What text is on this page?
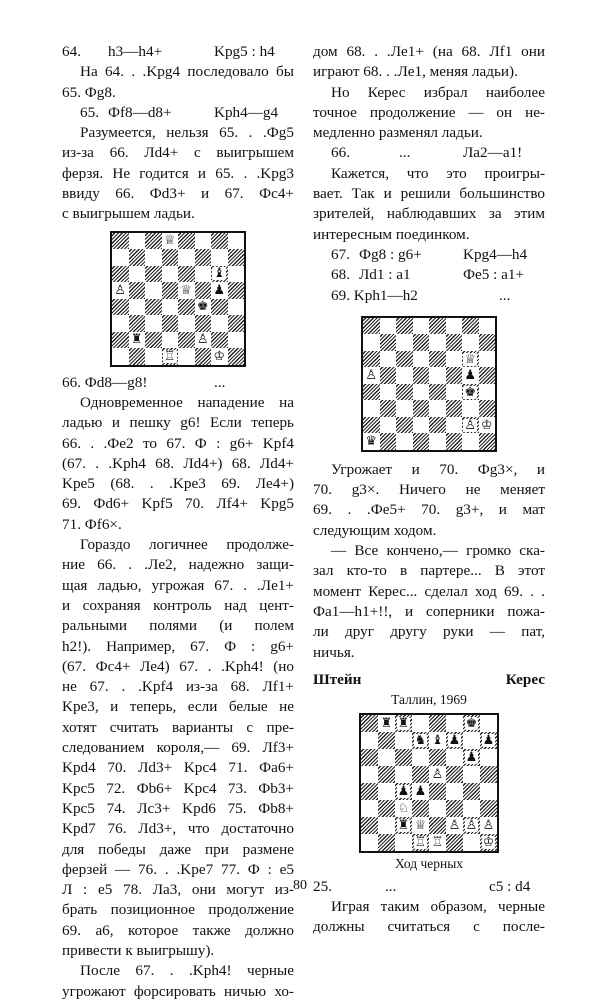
64. h3—h4+	Kpg5 : h4
На 64. . .Kpg4 последовало бы
65. Фg8.
65. Фf8—d8+	Kph4—g4
Разумеется, нельзя 65. . .Фg5
из-за 66. Лd4+ с выигрышем
ферзя. Не годится и 65. . .Kpg3
ввиду 66. Фd3+ и 67. Фc4+
с выигрышем ладьи.
♕
♝
♙	♕ ♟
♚
♜	♙
♖	♔
66. Фd8—g8!	...
Одновременное нападение на
ладью и пешку g6! Если теперь
66. . .Фe2 то 67. Ф : g6+ Kpf4
(67. . .Kph4 68. Лd4+) 68. Лd4+
Kpe5 (68. . .Kpe3 69. Лe4+)
69. Фd6+ Kpf5 70. Лf4+ Kpg5
71. Фf6×.
Гораздо логичнее продолже-
ние 66. . .Лe2, надежно защи-
щая ладью, угрожая 67. . .Лe1+
и сохраняя контроль над цент-
ральными полями (и полем
h2!). Например, 67. Ф : g6+
(67. Фc4+ Лe4) 67. . .Kph4! (но
не 67. . .Kpf4 из-за 68. Лf1+
Kpe3, и теперь, если белые не
хотят считать варианты с пре-
следованием короля,— 69. Лf3+
Kpd4 70. Лd3+ Kpc4 71. Фa6+
Kpc5 72. Фb6+ Kpc4 73. Фb3+
Kpc5 74. Лc3+ Kpd6 75. Фb8+
Kpd7 76. Лd3+, что достаточно
для победы даже при размене
ферзей — 76. . .Kpe7 77. Ф : e5
Л : e5 78. Лa3, они могут из-
брать позиционное продолжение
69. a6, которое также должно
привести к выигрышу).
После 67. . .Kph4! черные
угрожают форсировать ничью хо-
дом 68. . .Лe1+ (на 68. Лf1 они
играют 68. . .Лe1, меняя ладьи).
Но Керес избрал наиболее
точное продолжение — он не-
медленно разменял ладьи.
66.	...	Лa2—a1!
Кажется, что это проигры-
вает. Так и решили большинство
зрителей, наблюдавших за этим
интересным поединком.
67. Фg8 : g6+	Kpg4—h4
68. Лd1 : a1	Фe5 : a1+
69. Kph1—h2	...
♕
♙	♟
♚
♙ ♔
♛
Угрожает и 70. Фg3×, и
70. g3×. Ничего не меняет
69. . .Фe5+ 70. g3+, и мат
следующим ходом.
— Все кончено,— громко ска-
зал кто-то в партере... В этот
момент Керес... сделал ход 69. . .
Фa1—h1+!!, и соперники пожа-
ли друг другу руки — пат,
ничья.
Штейн	Керес
Таллин, 1969
♜ ♜	♚
♞ ♝ ♟ ♟
♟
♙
♟ ♟
♘
♜ ♕ ♙ ♙ ♙
♖ ♖	♔
Ход черных
25.	...	c5 : d4
Играя таким образом, черные
должны считаться с после-
80
